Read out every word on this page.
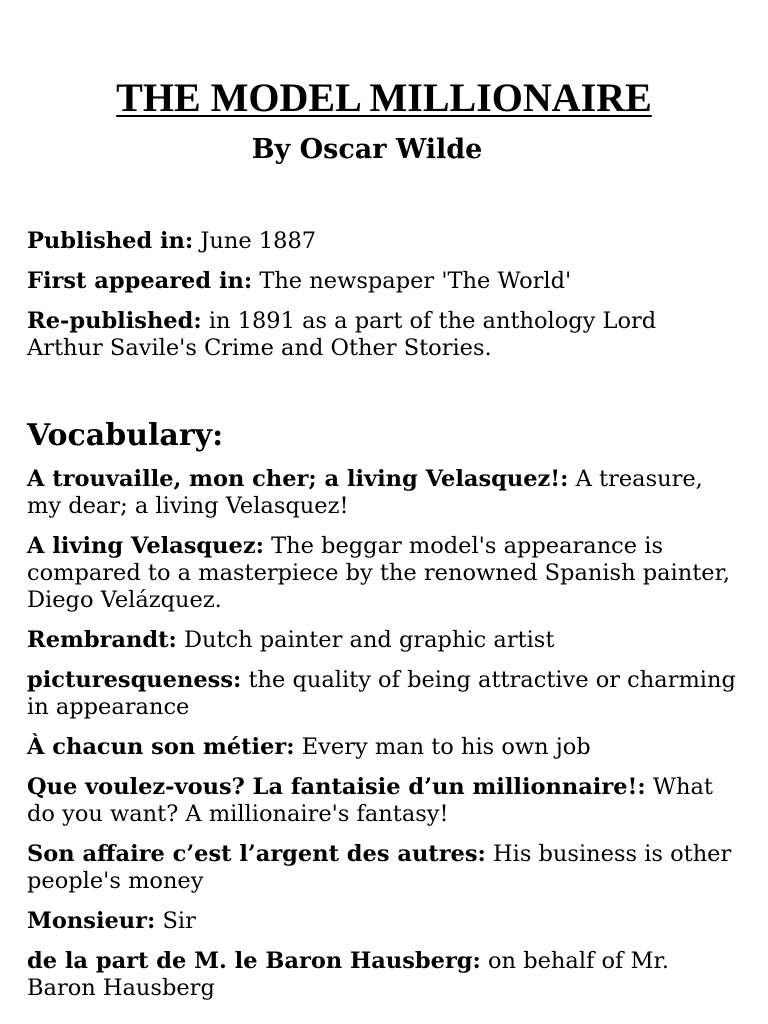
THE MODEL MILLIONAIRE
By Oscar Wilde

Published in: June 1887

First appeared in: The newspaper 'The World'

Re-published: in 1891 as a part of the anthology Lord Arthur Savile's Crime and Other Stories.

Vocabulary:

A trouvaille, mon cher; a living Velasquez!: A treasure, my dear; a living Velasquez!

A living Velasquez: The beggar model's appearance is compared to a masterpiece by the renowned Spanish painter, Diego Velázquez.

Rembrandt: Dutch painter and graphic artist

picturesqueness: the quality of being attractive or charming in appearance

À chacun son métier: Every man to his own job

Que voulez-vous? La fantaisie d’un millionnaire!: What do you want? A millionaire's fantasy!

Son affaire c’est l’argent des autres: His business is other people's money

Monsieur: Sir

de la part de M. le Baron Hausberg: on behalf of Mr. Baron Hausberg
